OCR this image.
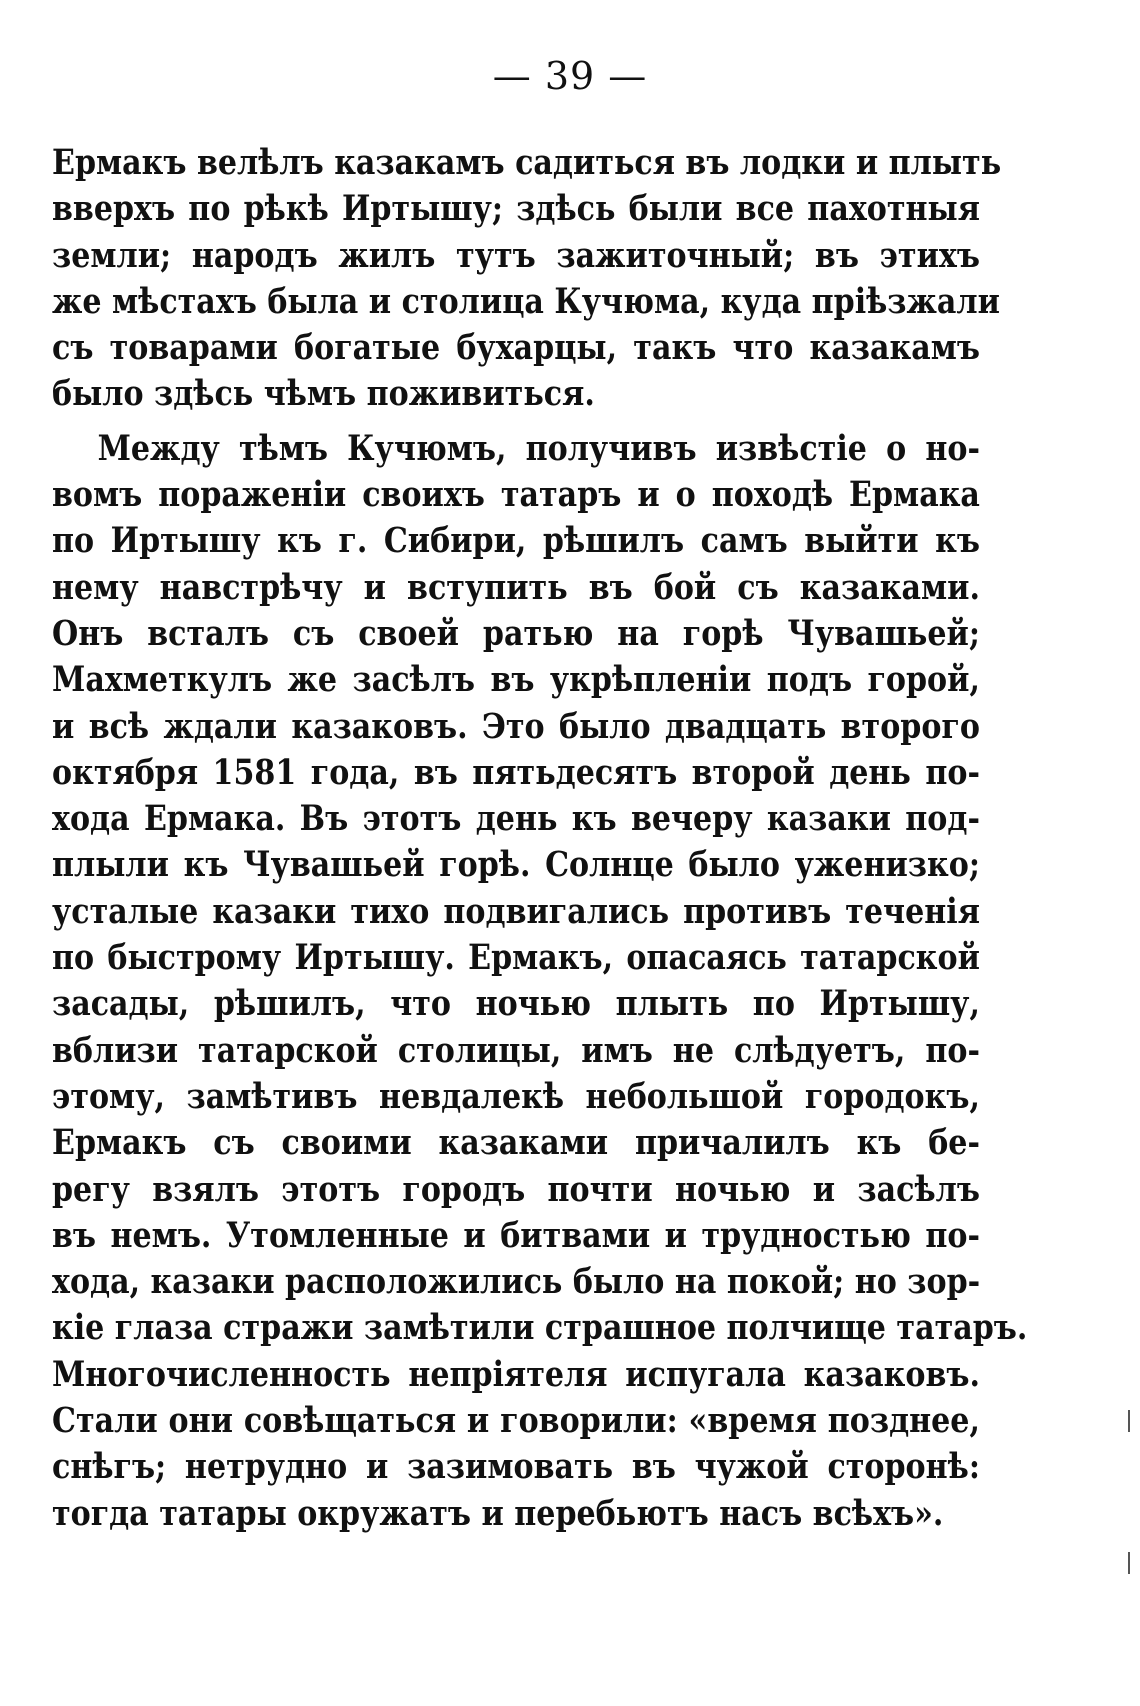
— 39 —
Ермакъ велѣлъ казакамъ садиться въ лодки и плыть
вверхъ по рѣкѣ Иртышу; здѣсь были все пахотныя
земли; народъ жилъ тутъ зажиточный; въ этихъ
же мѣстахъ была и столица Кучюма, куда пріѣзжали
съ товарами богатые бухарцы, такъ что казакамъ
было здѣсь чѣмъ поживиться.
Между тѣмъ Кучюмъ, получивъ извѣстіе о но-
вомъ пораженіи своихъ татаръ и о походѣ Ермака
по Иртышу къ г. Сибири, рѣшилъ самъ выйти къ
нему навстрѣчу и вступить въ бой съ казаками.
Онъ всталъ съ своей ратью на горѣ Чувашьей;
Махметкулъ же засѣлъ въ укрѣпленіи подъ горой,
и всѣ ждали казаковъ. Это было двадцать второго
октября 1581 года, въ пятьдесятъ второй день по-
хода Ермака. Въ этотъ день къ вечеру казаки под-
плыли къ Чувашьей горѣ. Солнце было уженизко;
усталые казаки тихо подвигались противъ теченія
по быстрому Иртышу. Ермакъ, опасаясь татарской
засады, рѣшилъ, что ночью плыть по Иртышу,
вблизи татарской столицы, имъ не слѣдуетъ, по-
этому, замѣтивъ невдалекѣ небольшой городокъ,
Ермакъ съ своими казаками причалилъ къ бе-
регу взялъ этотъ городъ почти ночью и засѣлъ
въ немъ. Утомленные и битвами и трудностью по-
хода, казаки расположились было на покой; но зор-
кіе глаза стражи замѣтили страшное полчище татаръ.
Многочисленность непріятеля испугала казаковъ.
Стали они совѣщаться и говорили: «время позднее,
снѣгъ; нетрудно и зазимовать въ чужой сторонѣ:
тогда татары окружатъ и перебьютъ насъ всѣхъ».
